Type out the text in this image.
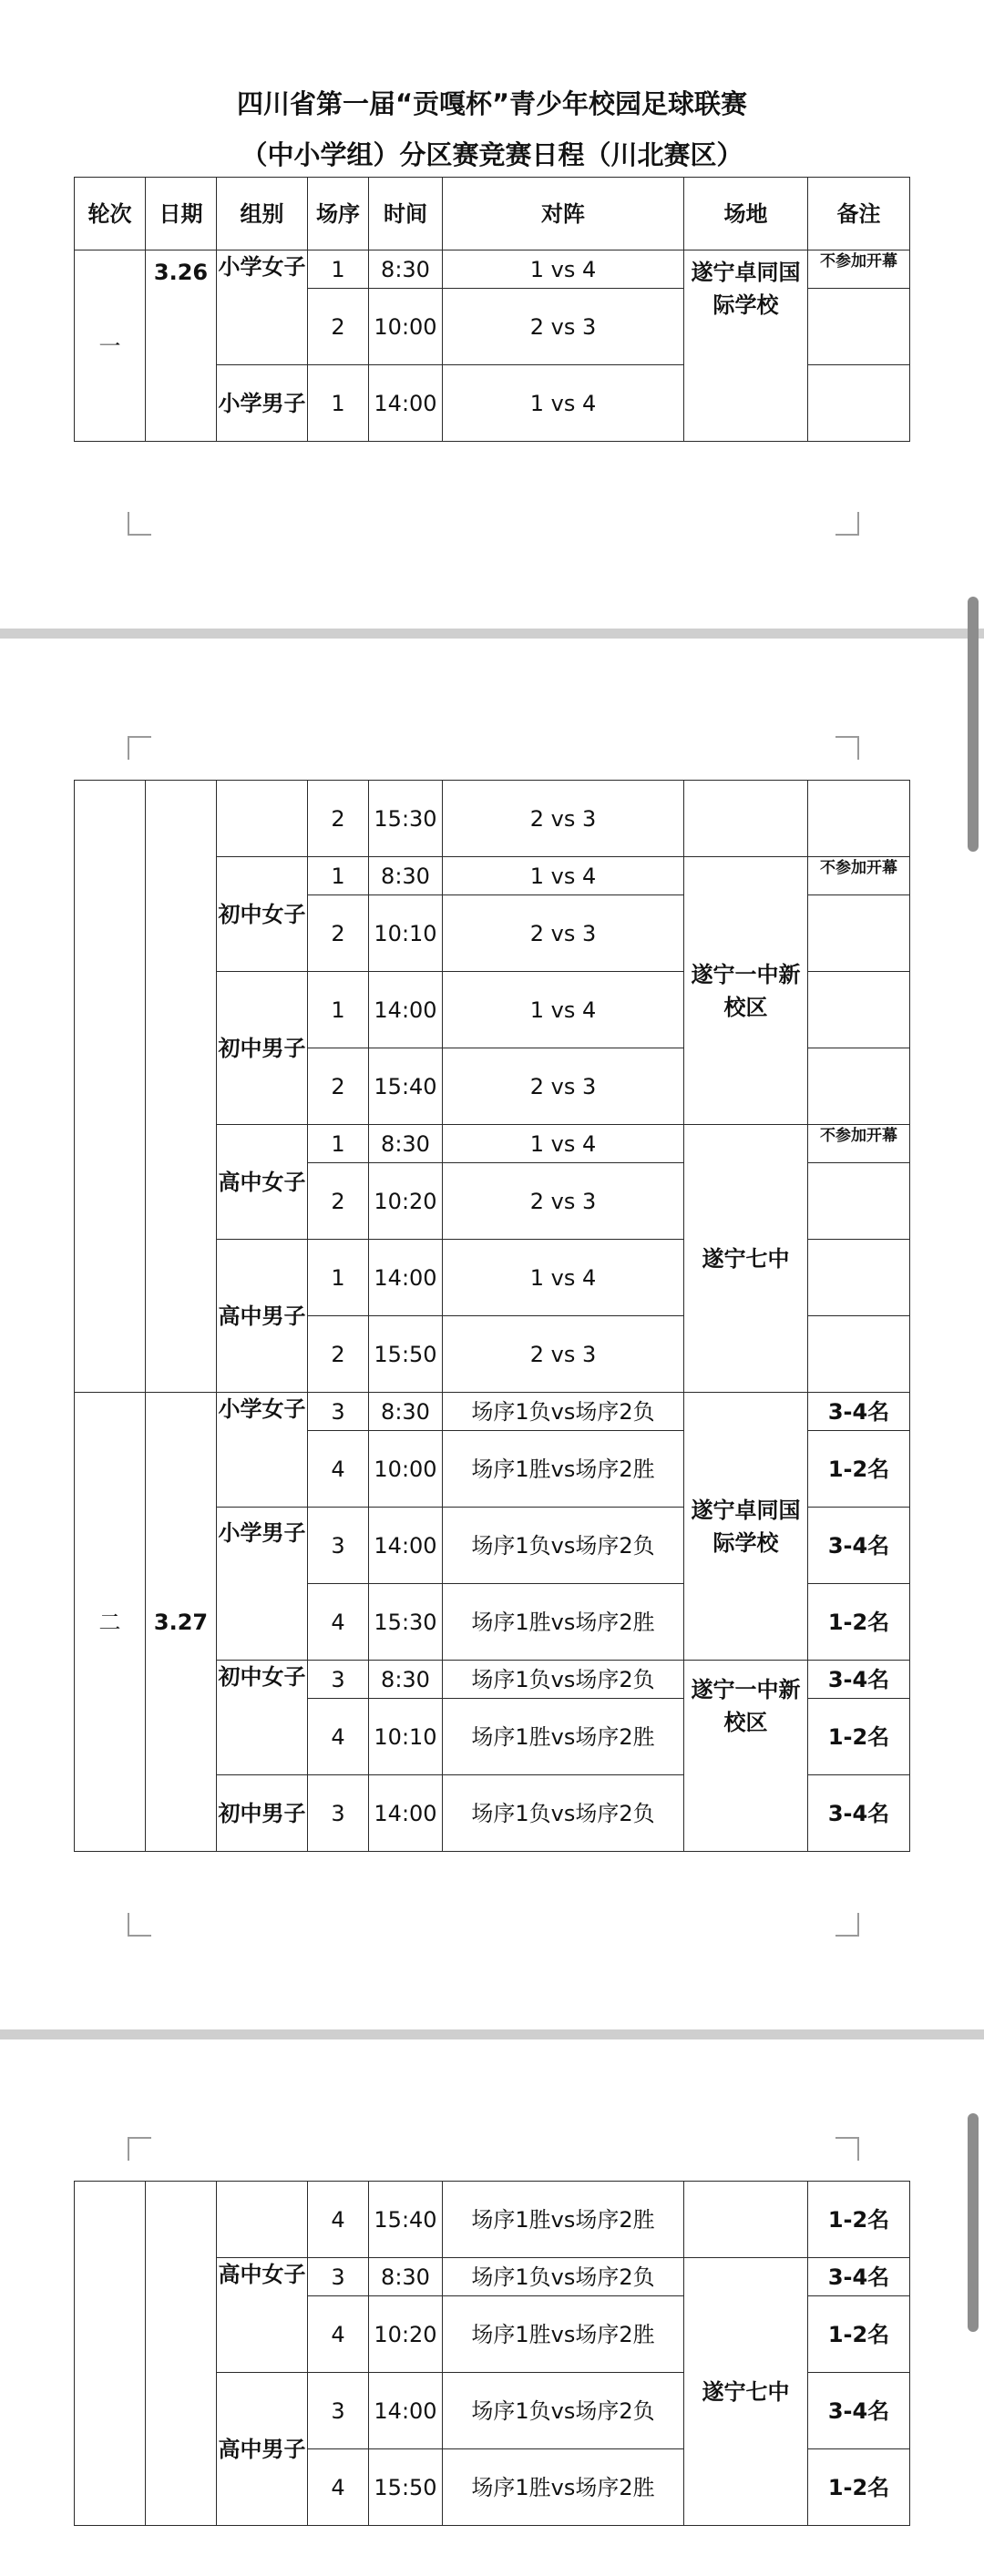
四川省第一届“贡嘎杯”青少年校园足球联赛
（中小学组）分区赛竞赛日程（川北赛区）
轮次	日期	组别	场序	时间	对阵	场地	备注
一	3.26	小学女子	1	8:30	1 vs 4	遂宁卓同国际学校	不参加开幕
			2	10:00	2 vs 3		
		小学男子	1	14:00	1 vs 4		
			2	15:30	2 vs 3		
		初中女子	1	8:30	1 vs 4	遂宁一中新校区	不参加开幕
			2	10:10	2 vs 3		
		初中男子	1	14:00	1 vs 4		
			2	15:40	2 vs 3		
		高中女子	1	8:30	1 vs 4	遂宁七中	不参加开幕
			2	10:20	2 vs 3		
		高中男子	1	14:00	1 vs 4		
			2	15:50	2 vs 3		
二	3.27	小学女子	3	8:30	场序1负vs场序2负	遂宁卓同国际学校	3-4名
			4	10:00	场序1胜vs场序2胜		1-2名
		小学男子	3	14:00	场序1负vs场序2负		3-4名
			4	15:30	场序1胜vs场序2胜		1-2名
		初中女子	3	8:30	场序1负vs场序2负	遂宁一中新校区	3-4名
			4	10:10	场序1胜vs场序2胜		1-2名
		初中男子	3	14:00	场序1负vs场序2负		3-4名
			4	15:40	场序1胜vs场序2胜		1-2名
		高中女子	3	8:30	场序1负vs场序2负	遂宁七中	3-4名
			4	10:20	场序1胜vs场序2胜		1-2名
		高中男子	3	14:00	场序1负vs场序2负		3-4名
			4	15:50	场序1胜vs场序2胜		1-2名
